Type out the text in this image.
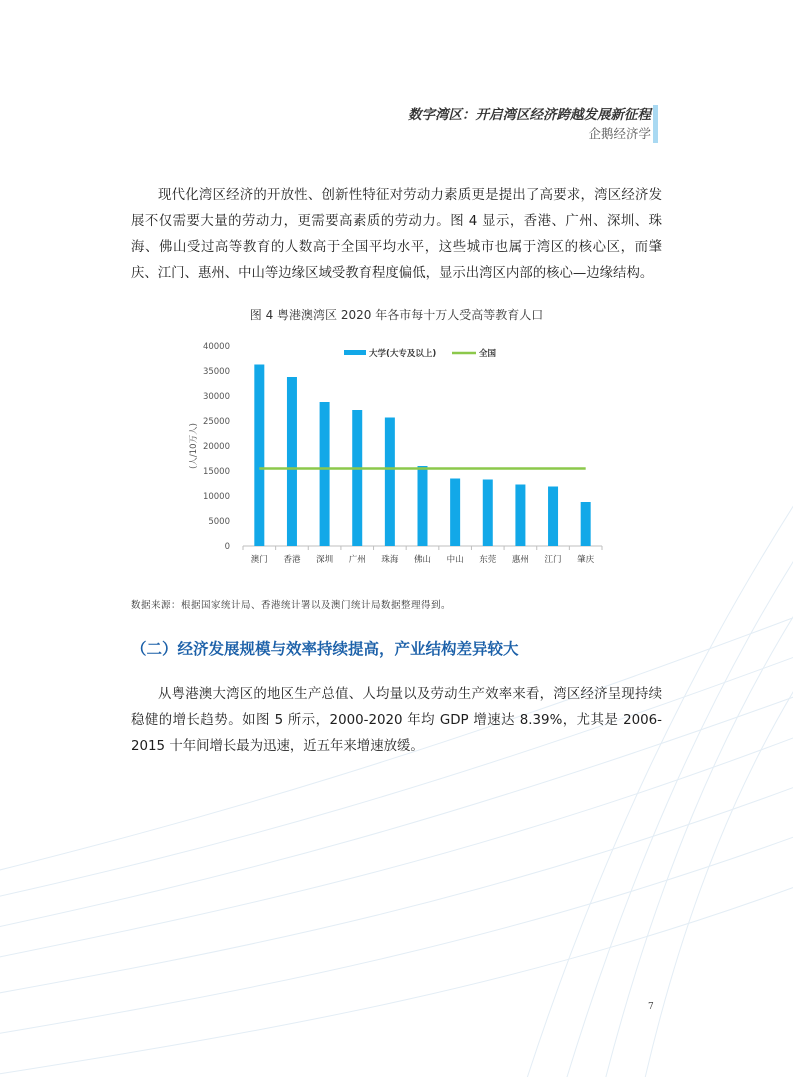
数字湾区：开启湾区经济跨越发展新征程
企鹅经济学

现代化湾区经济的开放性、创新性特征对劳动力素质更是提出了高要求，湾区经济发展不仅需要大量的劳动力，更需要高素质的劳动力。图 4 显示，香港、广州、深圳、珠海、佛山受过高等教育的人数高于全国平均水平，这些城市也属于湾区的核心区，而肇庆、江门、惠州、中山等边缘区域受教育程度偏低，显示出湾区内部的核心—边缘结构。

图 4 粤港澳湾区 2020 年各市每十万人受高等教育人口
0
5000
10000
15000
20000
25000
30000
35000
40000
(人/10万人)
澳门 香港 深圳 广州 珠海 佛山 中山 东莞 惠州 江门 肇庆
大学(大专及以上)	全国
数据来源：根据国家统计局、香港统计署以及澳门统计局数据整理得到。
（二）经济发展规模与效率持续提高，产业结构差异较大

从粤港澳大湾区的地区生产总值、人均量以及劳动生产效率来看，湾区经济呈现持续稳健的增长趋势。如图 5 所示，2000-2020 年均 GDP 增速达 8.39%，尤其是 2006-2015 十年间增长最为迅速，近五年来增速放缓。

7
